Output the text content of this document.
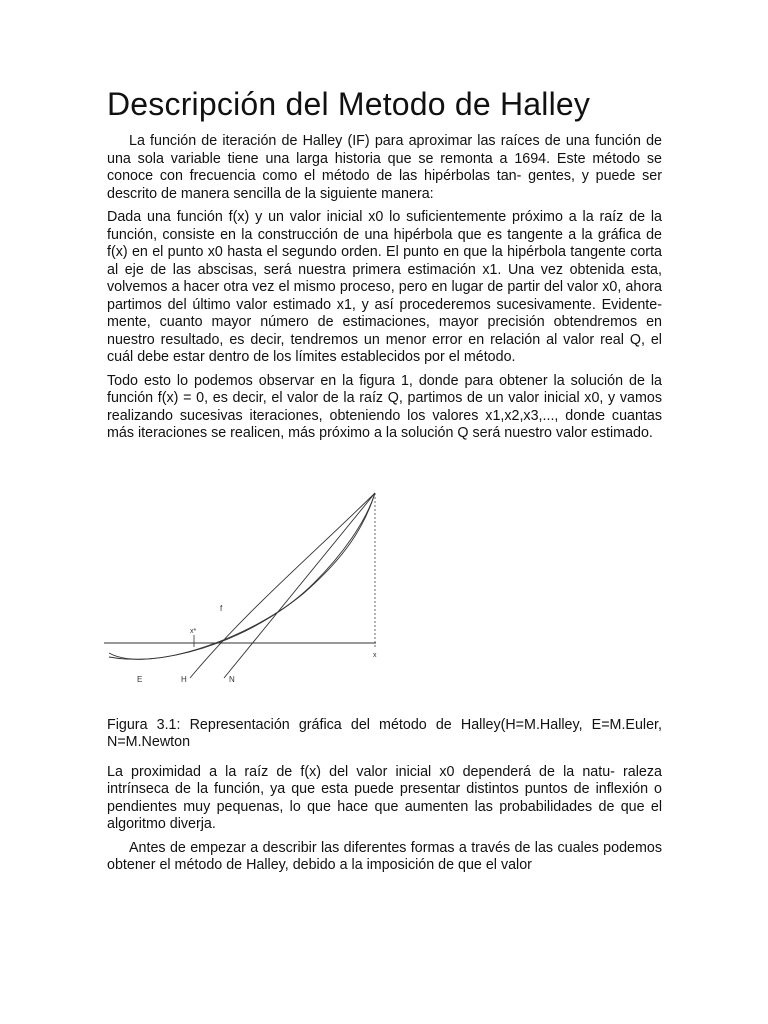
Descripción del Metodo de Halley

La función de iteración de Halley (IF) para aproximar las raíces de una función de una sola variable tiene una larga historia que se remonta a 1694. Este método se conoce con frecuencia como el método de las hipérbolas tan- gentes, y puede ser descrito de manera sencilla de la siguiente manera:

Dada una función f(x) y un valor inicial x0 lo suficientemente próximo a la raíz de la función, consiste en la construcción de una hipérbola que es tangente a la gráfica de f(x) en el punto x0 hasta el segundo orden. El punto en que la hipérbola tangente corta al eje de las abscisas, será nuestra primera estimación x1. Una vez obtenida esta, volvemos a hacer otra vez el mismo proceso, pero en lugar de partir del valor x0, ahora partimos del último valor estimado x1, y así procederemos sucesivamente. Evidente- mente, cuanto mayor número de estimaciones, mayor precisión obtendremos en nuestro resultado, es decir, tendremos un menor error en relación al valor real Q, el cuál debe estar dentro de los límites establecidos por el método.

Todo esto lo podemos observar en la figura 1, donde para obtener la solución de la función f(x) = 0, es decir, el valor de la raíz Q, partimos de un valor inicial x0, y vamos realizando sucesivas iteraciones, obteniendo los valores x1,x2,x3,..., donde cuantas más iteraciones se realicen, más próximo a la solución Q será nuestro valor estimado.

f
x*
x
E	H	N

Figura 3.1: Representación gráfica del método de Halley(H=M.Halley, E=M.Euler, N=M.Newton

La proximidad a la raíz de f(x) del valor inicial x0 dependerá de la natu- raleza intrínseca de la función, ya que esta puede presentar distintos puntos de inflexión o pendientes muy pequenas, lo que hace que aumenten las probabilidades de que el algoritmo diverja.

Antes de empezar a describir las diferentes formas a través de las cuales podemos obtener el método de Halley, debido a la imposición de que el valor
